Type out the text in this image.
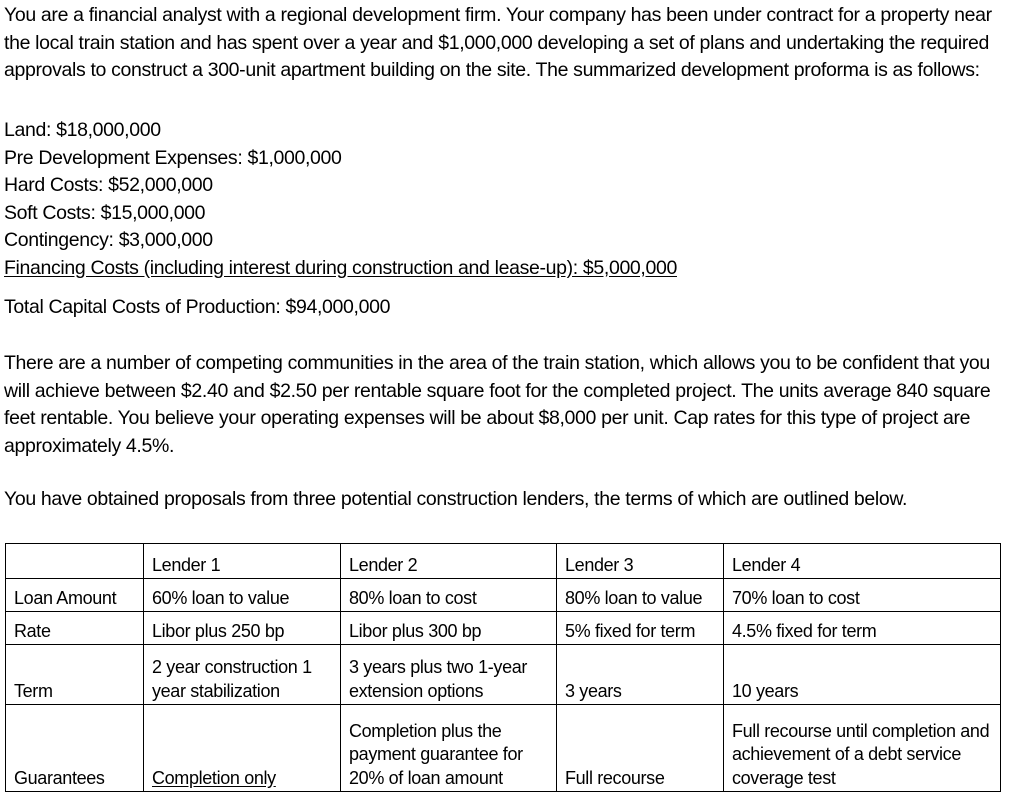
You are a financial analyst with a regional development firm. Your company has been under contract for a property near the local train station and has spent over a year and $1,000,000 developing a set of plans and undertaking the required approvals to construct a 300-unit apartment building on the site. The summarized development proforma is as follows:

Land: $18,000,000
Pre Development Expenses: $1,000,000
Hard Costs: $52,000,000
Soft Costs: $15,000,000
Contingency: $3,000,000
Financing Costs (including interest during construction and lease-up): $5,000,000

Total Capital Costs of Production: $94,000,000

There are a number of competing communities in the area of the train station, which allows you to be confident that you will achieve between $2.40 and $2.50 per rentable square foot for the completed project. The units average 840 square feet rentable. You believe your operating expenses will be about $8,000 per unit. Cap rates for this type of project are approximately 4.5%.

You have obtained proposals from three potential construction lenders, the terms of which are outlined below.

	Lender 1	Lender 2	Lender 3	Lender 4
Loan Amount	60% loan to value	80% loan to cost	80% loan to value	70% loan to cost
Rate	Libor plus 250 bp	Libor plus 300 bp	5% fixed for term	4.5% fixed for term
Term	2 year construction 1 year stabilization	3 years plus two 1-year extension options	3 years	10 years
Guarantees	Completion only	Completion plus the payment guarantee for 20% of loan amount	Full recourse	Full recourse until completion and achievement of a debt service coverage test
